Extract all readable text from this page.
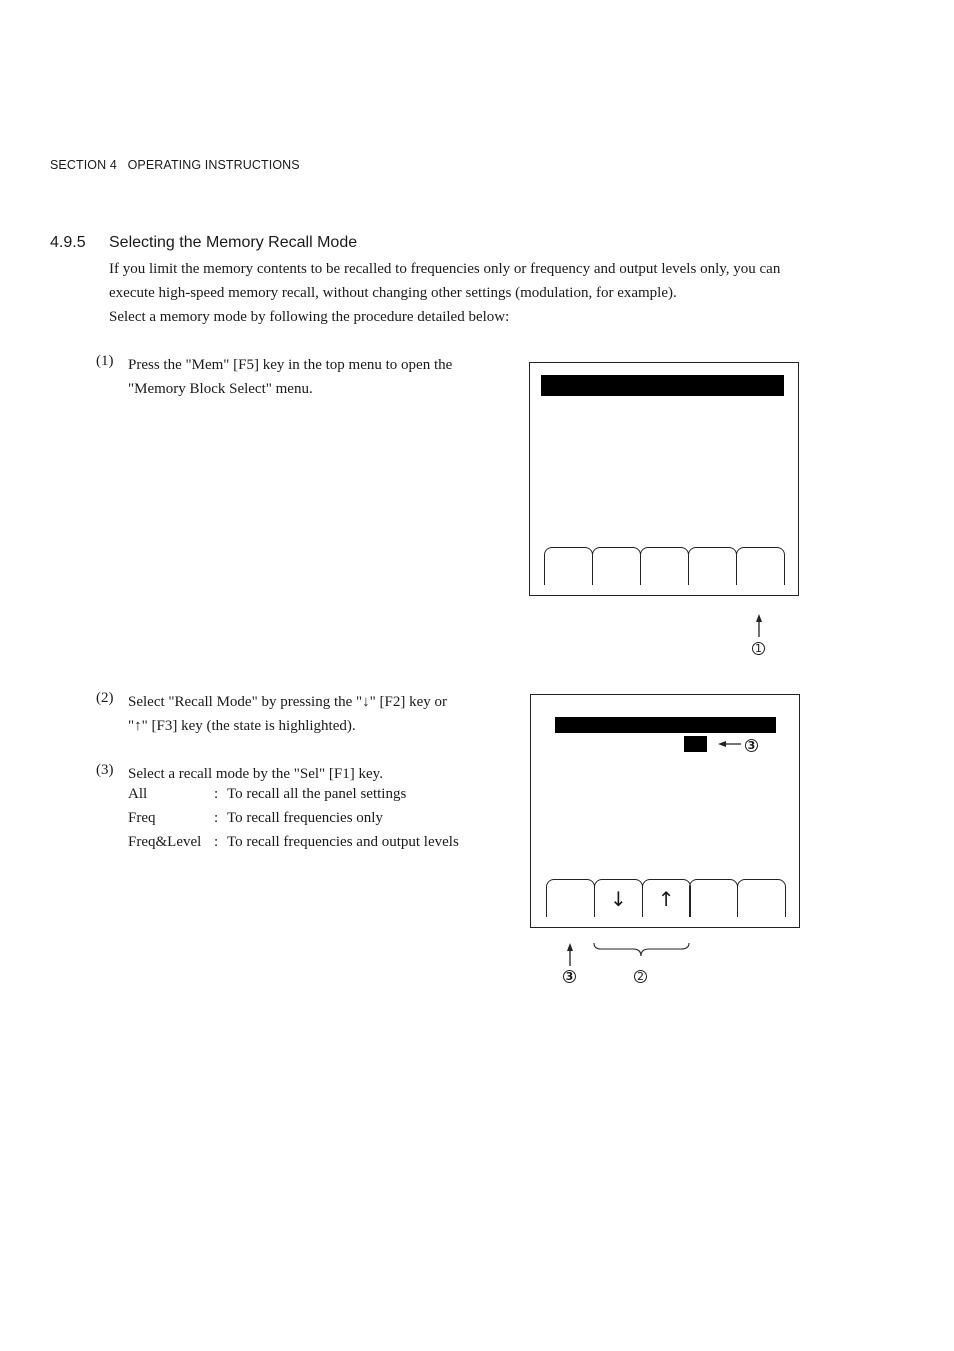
SECTION 4   OPERATING INSTRUCTIONS
4.9.5 Selecting the Memory Recall Mode
If you limit the memory contents to be recalled to frequencies only or frequency and output levels only, you can
execute high-speed memory recall, without changing other settings (modulation, for example).
Select a memory mode by following the procedure detailed below:
(1) Press the "Mem" [F5] key in the top menu to open the
"Memory Block Select" menu.
1
(2) Select "Recall Mode" by pressing the "↓" [F2] key or
"↑" [F3] key (the state is highlighted).
(3) Select a recall mode by the "Sel" [F1] key.
All	:	To recall all the panel settings
Freq	:	To recall frequencies only
Freq&Level	:	To recall frequencies and output levels
↓	↑
3
3	2
